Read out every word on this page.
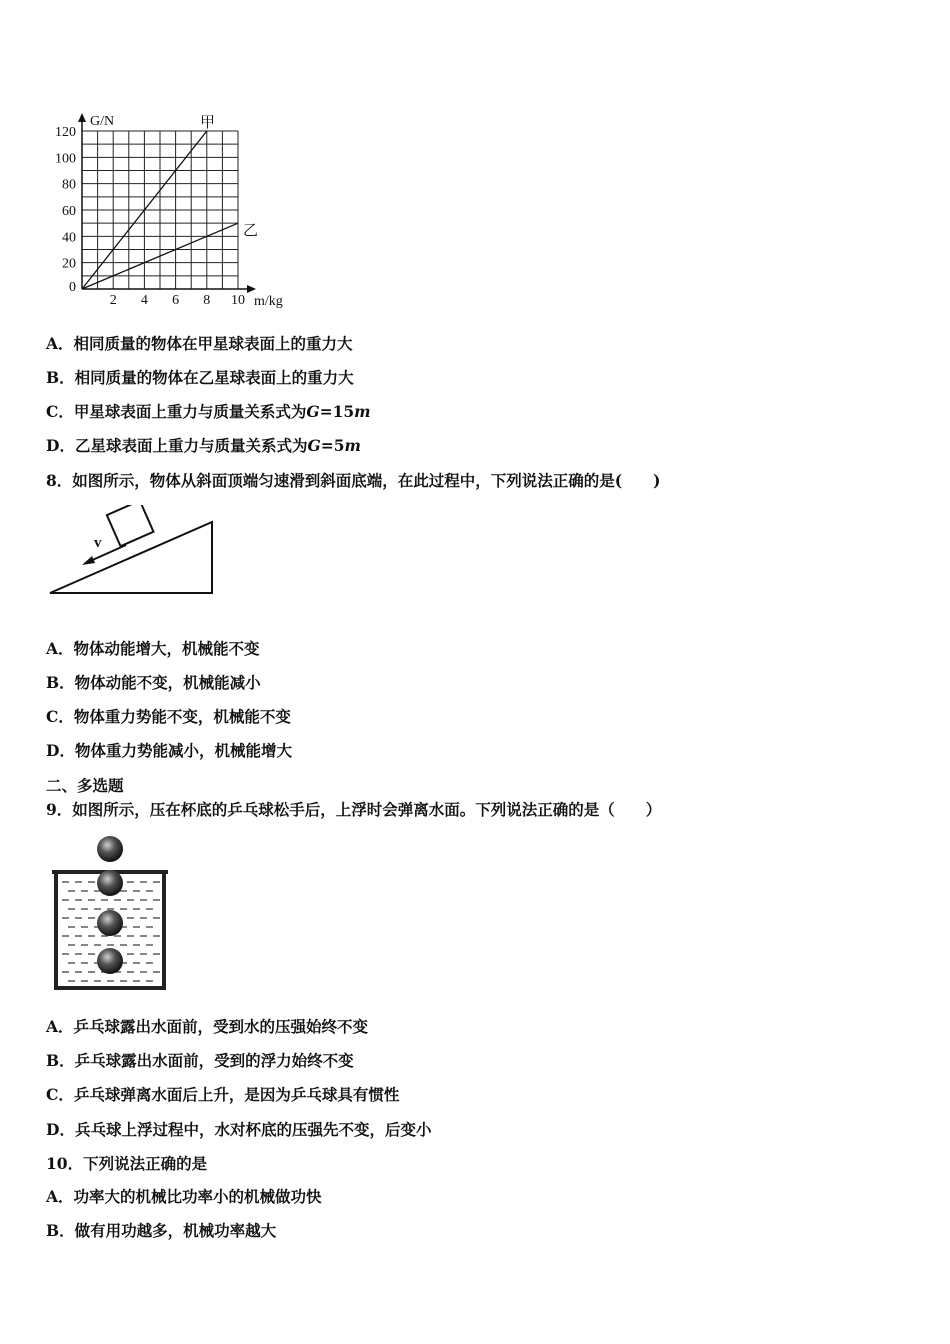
2 4 6 8 10
0
20
40
60
80
100
120
G/N
m/kg
甲
乙
A．相同质量的物体在甲星球表面上的重力大
B．相同质量的物体在乙星球表面上的重力大
C．甲星球表面上重力与质量关系式为G=15m
D．乙星球表面上重力与质量关系式为G=5m
8．如图所示，物体从斜面顶端匀速滑到斜面底端，在此过程中，下列说法正确的是(　　)
v
A．物体动能增大，机械能不变
B．物体动能不变，机械能减小
C．物体重力势能不变，机械能不变
D．物体重力势能减小，机械能增大
二、多选题
9．如图所示，压在杯底的乒乓球松手后，上浮时会弹离水面。下列说法正确的是（　　）
A．乒乓球露出水面前，受到水的压强始终不变
B．乒乓球露出水面前，受到的浮力始终不变
C．乒乓球弹离水面后上升，是因为乒乓球具有惯性
D．兵乓球上浮过程中，水对杯底的压强先不变，后变小
10．下列说法正确的是
A．功率大的机械比功率小的机械做功快
B．做有用功越多，机械功率越大
